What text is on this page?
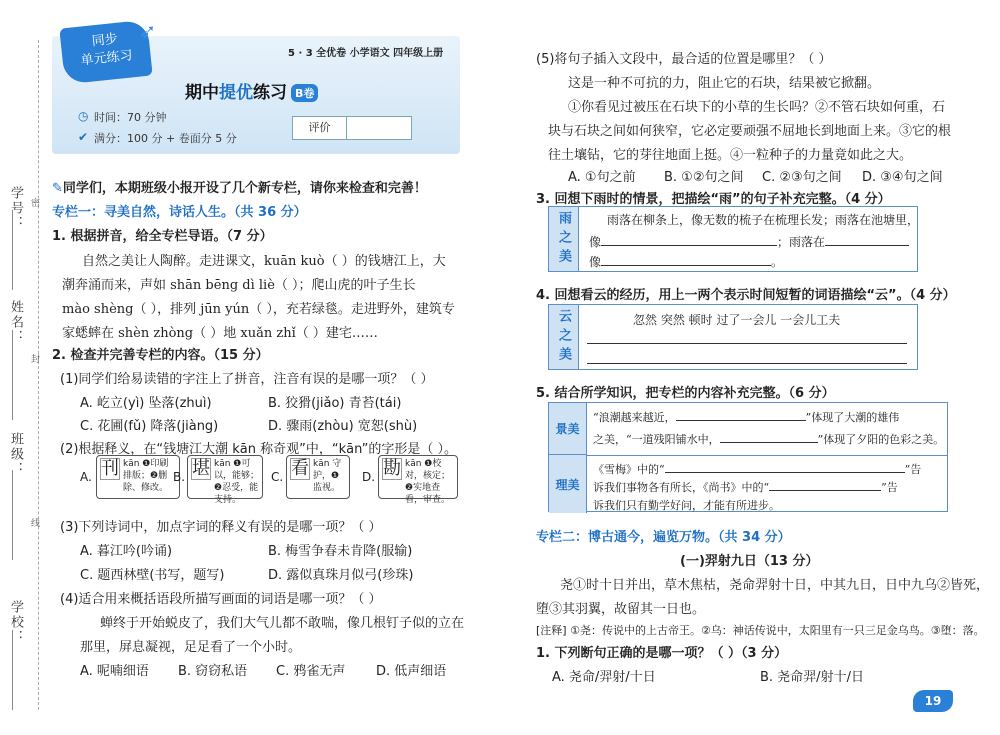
密
封
线
学号：
姓名：
班级：
学校：
同步
单元练习
➶
5 · 3 全优卷 小学语文 四年级上册
期中提优练习 B卷
◷ 时间：70 分钟
✔ 满分：100 分 + 卷面分 5 分
评价
✎同学们，本期班级小报开设了几个新专栏，请你来检查和完善！
专栏一：寻美自然，诗话人生。（共 36 分）
1. 根据拼音，给全专栏导语。（7 分）
自然之美让人陶醉。走进课文，kuān kuò（ ）的钱塘江上，大
潮奔涌而来，声如 shān bēng dì liè（ ）；爬山虎的叶子生长
mào shèng（ ），排列 jūn yún（ ），充若绿毯。走进野外，建筑专
家蟋蟀在 shèn zhòng（ ）地 xuǎn zhǐ（ ）建宅……
2. 检查并完善专栏的内容。（15 分）
(1)同学们给易读错的字注上了拼音，注音有误的是哪一项？（ ）
A. 屹立(yì) 坠落(zhuì)	B. 狡猾(jiǎo) 青苔(tái)
C. 花圃(fǔ) 降落(jiàng)	D. 骤雨(zhòu) 宽恕(shù)
(2)根据释义，在“钱塘江大潮 kān 称奇观”中，“kān”的字形是（ ）。
A. 刊 kān ❶印刷排版；❷删除、修改。
B. 堪 kān ❶可以，能够；❷忍受，能支持。
C. 看 kān 守护，❶监视。
D. 勘 kān ❶校对，核定；❷实地查看，审查。
(3)下列诗词中，加点字词的释义有误的是哪一项？（ ）
A. 暮江吟(吟诵)	B. 梅雪争春未肯降(服输)
C. 题西林壁(书写，题写)	D. 露似真珠月似弓(珍珠)
(4)适合用来概括语段所描写画面的词语是哪一项？（ ）
蝉终于开始蜕皮了，我们大气儿都不敢喘，像几根钉子似的立在
那里，屏息凝视，足足看了一个小时。
A. 呢喃细语 B. 窃窃私语 C. 鸦雀无声 D. 低声细语
(5)将句子插入文段中，最合适的位置是哪里？（ ）
这是一种不可抗的力，阻止它的石块，结果被它掀翻。
①你看见过被压在石块下的小草的生长吗？②不管石块如何重，石
块与石块之间如何狭窄，它必定要顽强不屈地长到地面上来。③它的根
往土壤钻，它的芽往地面上挺。④一粒种子的力量竟如此之大。
A. ①句之前 B. ①②句之间 C. ②③句之间 D. ③④句之间
3. 回想下雨时的情景，把描绘“雨”的句子补充完整。（4 分）
雨之美	雨落在柳条上，像无数的梳子在梳理长发；雨落在池塘里，
像	；雨落在
像	。
4. 回想看云的经历，用上一两个表示时间短暂的词语描绘“云”。（4 分）
云之美	忽然 突然 顿时 过了一会儿 一会儿工夫
5. 结合所学知识，把专栏的内容补充完整。（6 分）
景美
“浪潮越来越近，	”体现了大潮的雄伟
之美，“一道残阳铺水中，	”体现了夕阳的色彩之美。
理美
《雪梅》中的“	”告
诉我们事物各有所长，《尚书》中的“	”告
诉我们只有勤学好问，才能有所进步。
专栏二：博古通今，遍览万物。（共 34 分）
(一)羿射九日（13 分）
尧①时十日并出，草木焦枯，尧命羿射十日，中其九日，日中九乌②皆死，
堕③其羽翼，故留其一日也。
[注释] ①尧：传说中的上古帝王。②乌：神话传说中，太阳里有一只三足金乌鸟。③堕：落。
1. 下列断句正确的是哪一项？（ ）（3 分）
A. 尧命/羿射/十日	B. 尧命羿/射十/日
19
